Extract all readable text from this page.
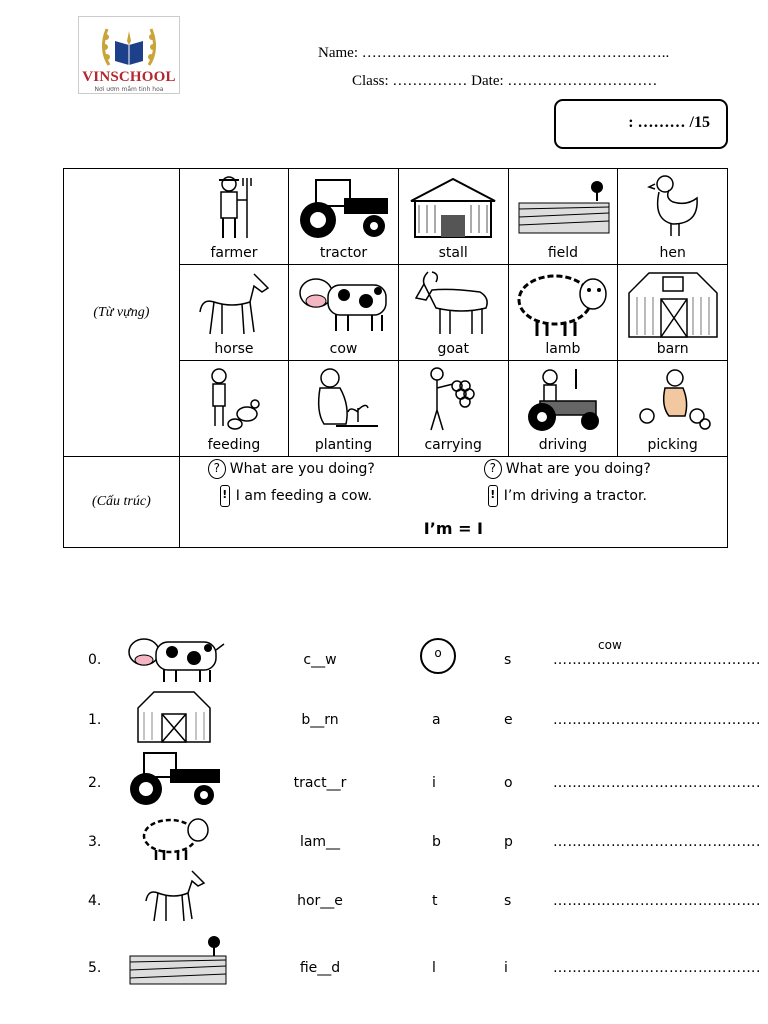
VINSCHOOL
Nơi ươm mầm tinh hoa
Name: ……………………………………………………..
Class: …………… Date: …………………………
: ……… /15
(Từ vựng)	farmer	tractor	stall	field	hen

	horse	cow	goat	lamb	barn

	feeding	planting	carrying	driving	picking

(Cấu trúc)	? What are you doing?
! I am feeding a cow.
? What are you doing?
! I’m driving a tractor.
I’m = I				
0.	c__w	o	s	…………………………………….
cow
1.	b__rn	a	e	…………………………………….
2.	tract__r	i	o	…………………………………….
3.	lam__	b	p	…………………………………….
4.	hor__e	t	s	…………………………………….
5.	fie__d	l	i	…………………………………….
